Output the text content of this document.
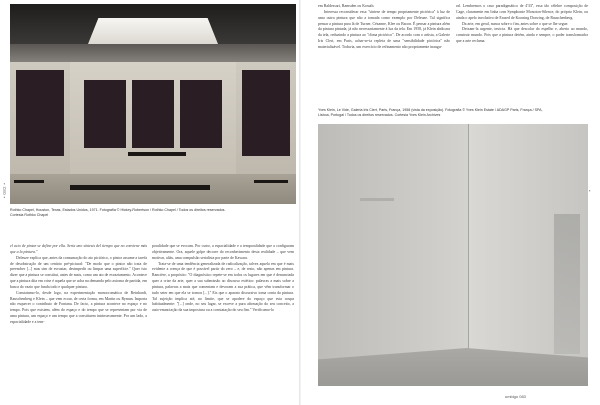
• 082 •	•
Rothko Chapel, Houston, Texas, Estados Unidos, 1971. Fotografia © Hickey-Robertson / Rothko Chapel / Todos os direitos reservados.
Cortesia Rothko Chapel

el acto de pintar se define por ella. Seria uno síntesis del tiempo que no conviene más que a la pintura."

Deleuze explica que, antes da consumação do ato pictórico, o pintor assume a tarefa de desobstrução de um cenário pré-pictural: "De modo que o pintor não trata de preencher [...] mas sim de esvaziar, desimpedir ou limpar uma superfície." Quer isto dizer que a pintura se constitui, antes de mais, como um ato de esvaziamento. Acontece que a pintura dita em crise é aquela que se acha na demanda pelo axioma de partida, em busca do vazio que funda todo e qualquer pintura.

Constatamo-lo, desde logo, na experimentação monocromática de Reinhardt, Rauschenberg e Klein – que vem ecoar, de certa forma, em Martin ou Ryman. Importa não esquecer o contributo de Fontana. De facto, a pintura acontece no espaço e no tempo. Pois que existem, além do espaço e do tempo que se representam por via de uma pintura, um espaço e um tempo que a constituem intrinsecamente. Por um lado, a espacialidade e a tem-

poralidade que se evocam. Por outro, a espacialidade e a temporalidade que a configuram objetivamente. Ora, aquele golpe decorre do reconhecimento desta realidade – que vem motivar, aliás, uma compulsão serialista por parte de Kawara.

Trata-se de uma tendência generalizada de radicalização, talvez aquela em que é mais evidente a crença de que é possível partir do zero – e, de resto, não apenas em pintura. Rancière, a propósito: "O diagnóstico repete-se em todos os lugares em que é denunciada quer a crise da arte, quer a sua submissão ao discurso estético: palavras a mais sobre a pintura, palavras a mais que comentam e devoram a sua prática, que vêm transformar o tudo seter em que ela se tornou [...]." Eis que o aparato discursivo toma conta da pintura. Tal sujeição implica até, no limite, que se apodere do espaço que esta ocupa habitualmente: "[...] onde, no seu lugar, se exceve a pura afirmação do seu conceito, a auto-enunciação da sua impostura ou a constatação do seu fim." Verificamo-lo

em Baldessari, Ramsden ou Kosuth.

Interessa reconsiderar essa "síntese de tempo propriamente pictórica" à luz de uma outra pintura que não a tomada como exemplo por Deleuze. Tal significa pensar a pintura para lá de Turner, Cézanne, Klee ou Bacon. É pensar a pintura além da pintura pintada, já não necessariamente à luz da tela. Em 1958, já Klein abdicara da tela, reduzindo a pintura ao "clima pictórico". De acordo com o artista, a Galerie Iris Clert, em Paris, achar-se-ia repleta de uma "sensibilidade pictórica" não materializável. Todavia, um exercício de refinamento não propriamente inaugu-

ral. Lembremos o caso paradigmático de 4'33'', essa tão célebre composição de Cage, claramente em linha com Symphonie Monoton-Silence, do próprio Klein, ou ainda o apelo involutivo de Erased de Kooning Drawing, de Rauschenberg.

Da arte, em geral, nunca sobre o fim, antes sobre o que se lhe segue.

Deixam-la urgente, invicta. Há que descolar do espelho e, aberto ao mundo, construir mundo. Pois que a pintura detém, ainda e sempre, o poder transformador que a arte reclama.

Yves Klein, Le Vide, Galeria Iris Clert, Paris, França, 1958 (vista da exposição). Fotografia © Yves Klein Estate / ADAGP Paris, França / SPA,
Lisboa, Portugal / Todos os direitos reservados. Cortesia Yves Klein Archives
umbigo 083
